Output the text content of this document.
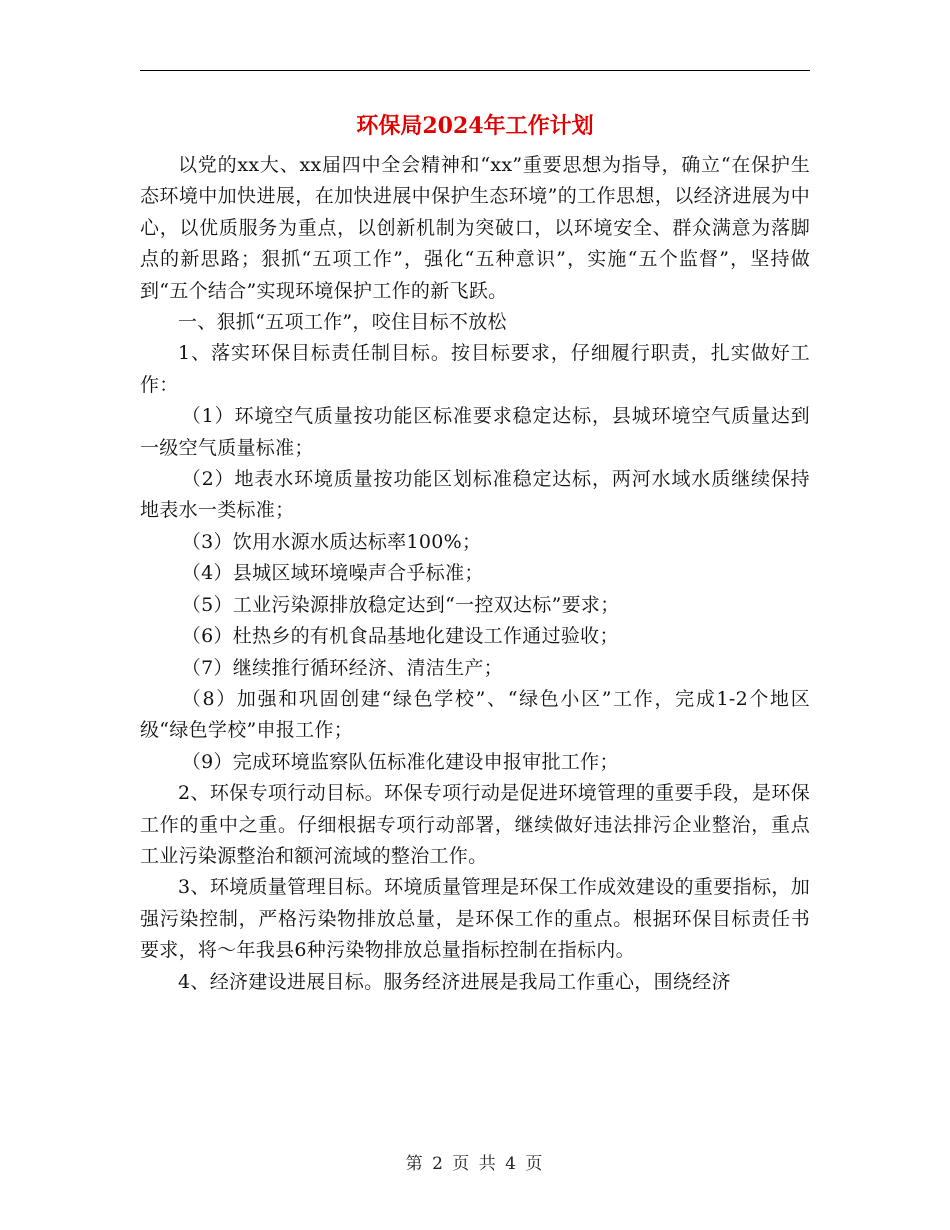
环保局2024年工作计划

以党的xx大、xx届四中全会精神和“xx”重要思想为指导，确立“在保护生态环境中加快进展，在加快进展中保护生态环境”的工作思想，以经济进展为中心，以优质服务为重点，以创新机制为突破口，以环境安全、群众满意为落脚点的新思路；狠抓“五项工作”，强化“五种意识”，实施“五个监督”，坚持做到“五个结合”实现环境保护工作的新飞跃。

一、狠抓“五项工作”，咬住目标不放松

1、落实环保目标责任制目标。按目标要求，仔细履行职责，扎实做好工作：

（1）环境空气质量按功能区标准要求稳定达标，县城环境空气质量达到一级空气质量标准；

（2）地表水环境质量按功能区划标准稳定达标，两河水域水质继续保持地表水一类标准；

（3）饮用水源水质达标率100%；

（4）县城区域环境噪声合乎标准；

（5）工业污染源排放稳定达到“一控双达标”要求；

（6）杜热乡的有机食品基地化建设工作通过验收；

（7）继续推行循环经济、清洁生产；

（8）加强和巩固创建“绿色学校”、“绿色小区”工作，完成1-2个地区级“绿色学校”申报工作；

（9）完成环境监察队伍标准化建设申报审批工作；

2、环保专项行动目标。环保专项行动是促进环境管理的重要手段，是环保工作的重中之重。仔细根据专项行动部署，继续做好违法排污企业整治，重点工业污染源整治和额河流域的整治工作。

3、环境质量管理目标。环境质量管理是环保工作成效建设的重要指标，加强污染控制，严格污染物排放总量，是环保工作的重点。根据环保目标责任书要求，将～年我县6种污染物排放总量指标控制在指标内。

4、经济建设进展目标。服务经济进展是我局工作重心，围绕经济

第 2 页 共 4 页
